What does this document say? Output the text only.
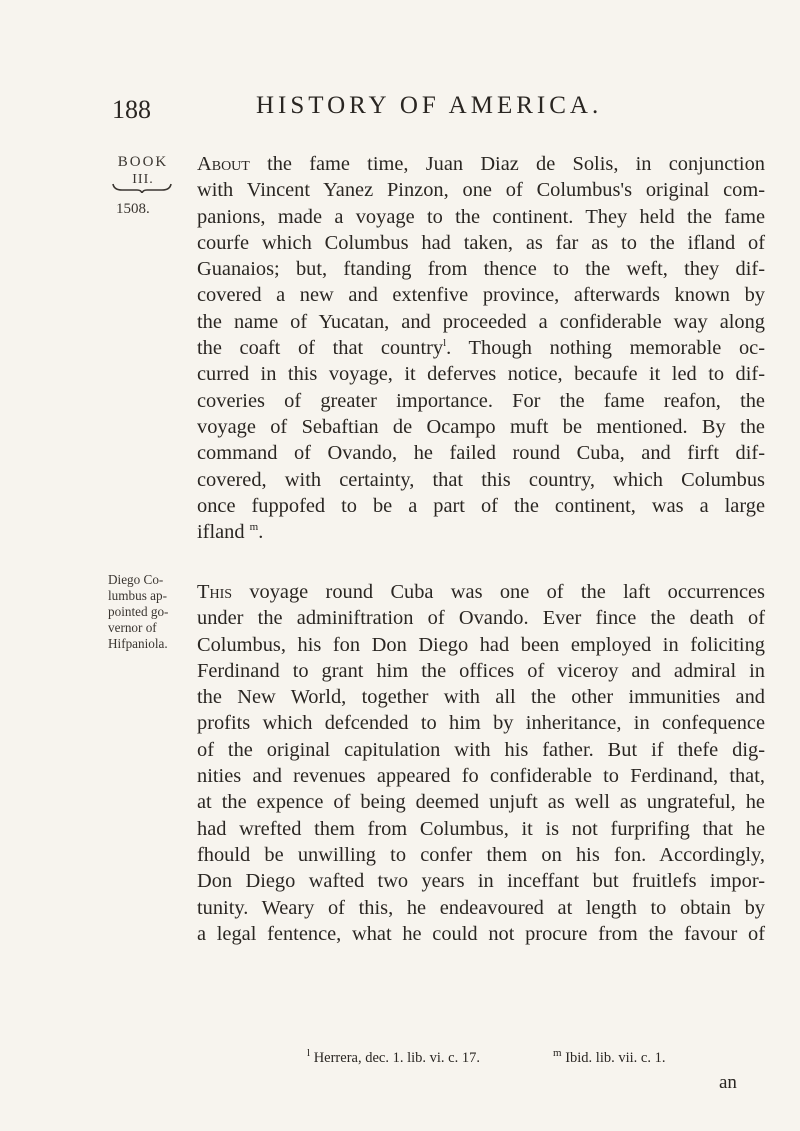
188	HISTORY OF AMERICA.
BOOK
III.
1508.
Diego Co-
lumbus ap-
pointed go-
vernor of
Hifpaniola.
About the fame time, Juan Diaz de Solis, in conjunction
with Vincent Yanez Pinzon, one of Columbus's original com-
panions, made a voyage to the continent. They held the fame
courfe which Columbus had taken, as far as to the ifland of
Guanaios; but, ftanding from thence to the weft, they dif-
covered a new and extenfive province, afterwards known by
the name of Yucatan, and proceeded a confiderable way along
the coaft of that country$^l$. Though nothing memorable oc-
curred in this voyage, it deferves notice, becaufe it led to dif-
coveries of greater importance. For the fame reafon, the
voyage of Sebaftian de Ocampo muft be mentioned. By the
command of Ovando, he failed round Cuba, and firft dif-
covered, with certainty, that this country, which Columbus
once fuppofed to be a part of the continent, was a large
ifland $^m$.
This voyage round Cuba was one of the laft occurrences
under the adminiftration of Ovando. Ever fince the death of
Columbus, his fon Don Diego had been employed in foliciting
Ferdinand to grant him the offices of viceroy and admiral in
the New World, together with all the other immunities and
profits which defcended to him by inheritance, in confequence
of the original capitulation with his father. But if thefe dig-
nities and revenues appeared fo confiderable to Ferdinand, that,
at the expence of being deemed unjuft as well as ungrateful, he
had wrefted them from Columbus, it is not furprifing that he
fhould be unwilling to confer them on his fon. Accordingly,
Don Diego wafted two years in inceffant but fruitlefs impor-
tunity. Weary of this, he endeavoured at length to obtain by
a legal fentence, what he could not procure from the favour of
$^l$ Herrera, dec. 1. lib. vi. c. 17.	$^m$ Ibid. lib. vii. c. 1.
an
